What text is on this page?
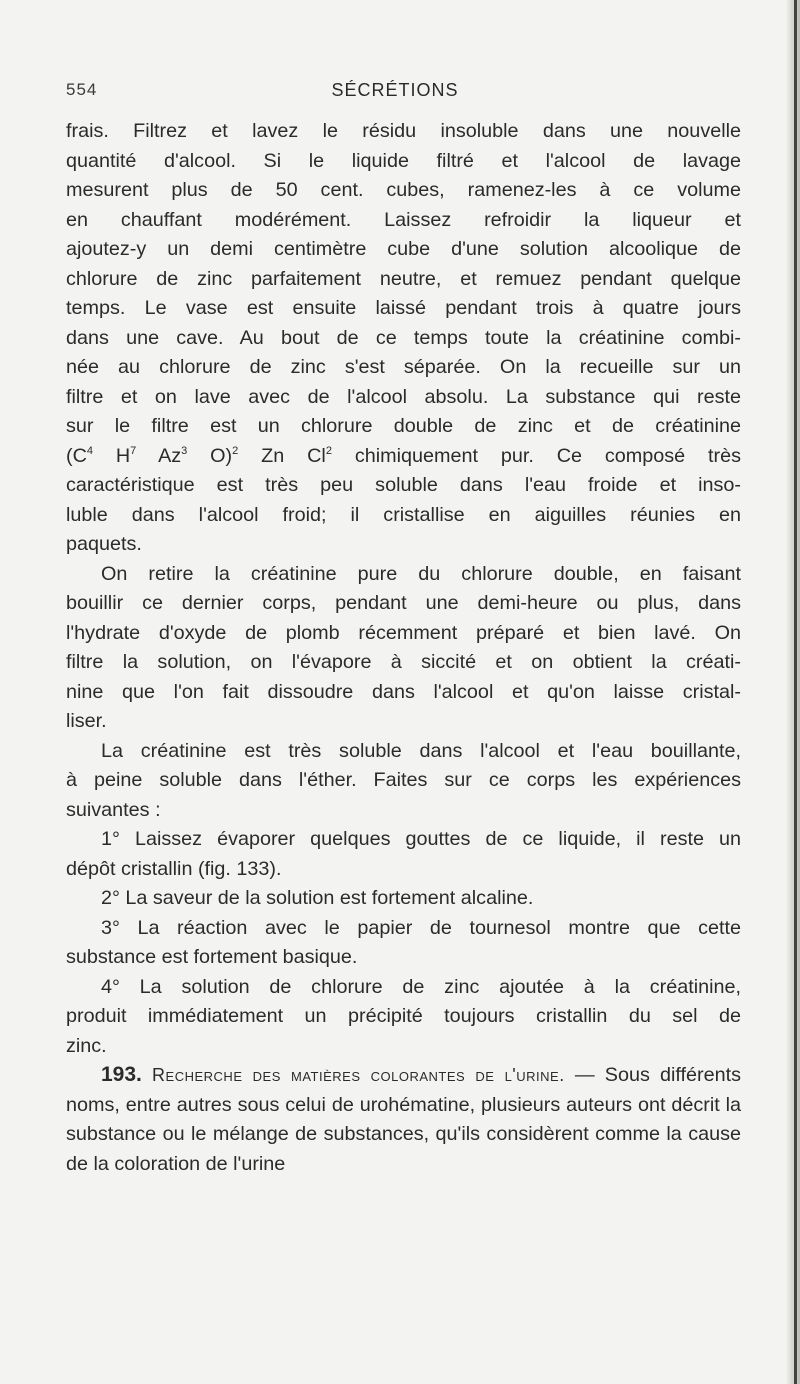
554	SÉCRÉTIONS

frais. Filtrez et lavez le résidu insoluble dans une nouvelle

quantité d'alcool. Si le liquide filtré et l'alcool de lavage

mesurent plus de 50 cent. cubes, ramenez-les à ce volume

en chauffant modérément. Laissez refroidir la liqueur et

ajoutez-y un demi centimètre cube d'une solution alcoolique de

chlorure de zinc parfaitement neutre, et remuez pendant quelque

temps. Le vase est ensuite laissé pendant trois à quatre jours

dans une cave. Au bout de ce temps toute la créatinine combi-

née au chlorure de zinc s'est séparée. On la recueille sur un

filtre et on lave avec de l'alcool absolu. La substance qui reste

sur le filtre est un chlorure double de zinc et de créatinine

($C^4$ $H^7$ Az$^3$ O)$^2$ Zn Cl$^2$ chimiquement pur. Ce composé très

caractéristique est très peu soluble dans l'eau froide et inso-

luble dans l'alcool froid; il cristallise en aiguilles réunies en

paquets.

On retire la créatinine pure du chlorure double, en faisant

bouillir ce dernier corps, pendant une demi-heure ou plus, dans

l'hydrate d'oxyde de plomb récemment préparé et bien lavé. On

filtre la solution, on l'évapore à siccité et on obtient la créati-

nine que l'on fait dissoudre dans l'alcool et qu'on laisse cristal-

liser.

La créatinine est très soluble dans l'alcool et l'eau bouillante,

à peine soluble dans l'éther. Faites sur ce corps les expériences

suivantes :

1° Laissez évaporer quelques gouttes de ce liquide, il reste un

dépôt cristallin (fig. 133).

2° La saveur de la solution est fortement alcaline.

3° La réaction avec le papier de tournesol montre que cette

substance est fortement basique.

4° La solution de chlorure de zinc ajoutée à la créatinine,

produit immédiatement un précipité toujours cristallin du sel de

zinc.

193. Recherche des matières colorantes de l'urine. — Sous différents noms, entre autres sous celui de urohématine, plusieurs auteurs ont décrit la substance ou le mélange de substances, qu'ils considèrent comme la cause de la coloration de l'urine
